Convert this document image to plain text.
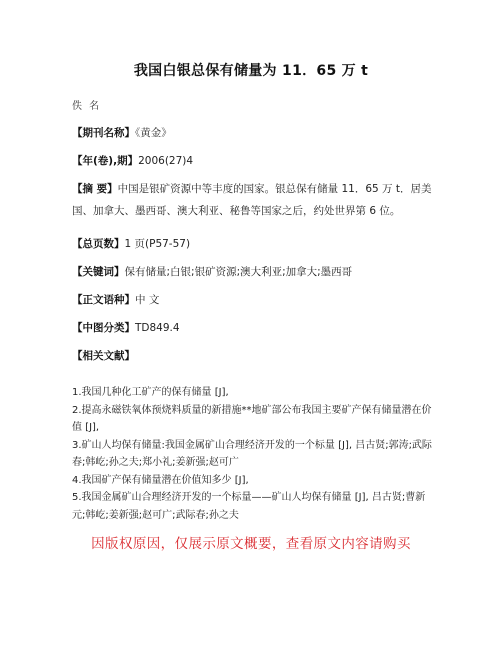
我国白银总保有储量为 11．65 万 t
佚 名
【期刊名称】《黄金》
【年(卷),期】2006(27)4
【摘 要】中国是银矿资源中等丰度的国家。银总保有储量 11．65 万 t．居美国、加拿大、墨西哥、澳大利亚、秘鲁等国家之后，约处世界第 6 位。
【总页数】1 页(P57-57)
【关键词】保有储量;白银;银矿资源;澳大利亚;加拿大;墨西哥
【正文语种】中 文
【中图分类】TD849.4
【相关文献】

1.我国几种化工矿产的保有储量 [J],

2.提高永磁铁氧体预烧料质量的新措施**地矿部公布我国主要矿产保有储量潜在价值 [J],

3.矿山人均保有储量:我国金属矿山合理经济开发的一个标量 [J], 吕古贤;郭涛;武际春;韩屹;孙之夫;郑小礼;姜新强;赵可广

4.我国矿产保有储量潜在价值知多少 [J],

5.我国金属矿山合理经济开发的一个标量——矿山人均保有储量 [J], 吕古贤;曹新元;韩屹;姜新强;赵可广;武际春;孙之夫

因版权原因，仅展示原文概要，查看原文内容请购买
